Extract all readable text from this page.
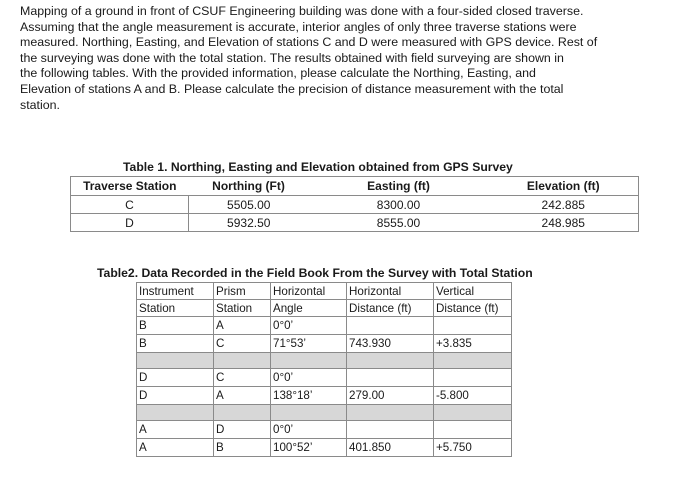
Mapping of a ground in front of CSUF Engineering building was done with a four-sided closed traverse.

Assuming that the angle measurement is accurate, interior angles of only three traverse stations were

measured. Northing, Easting, and Elevation of stations C and D were measured with GPS device. Rest of

the surveying was done with the total station. The results obtained with field surveying are shown in

the following tables. With the provided information, please calculate the Northing, Easting, and

Elevation of stations A and B. Please calculate the precision of distance measurement with the total

station.

Table 1. Northing, Easting and Elevation obtained from GPS Survey
Traverse Station	Northing (Ft)	Easting (ft)	Elevation (ft)
C	5505.00	8300.00	242.885
D	5932.50	8555.00	248.985
Table2. Data Recorded in the Field Book From the Survey with Total Station
Instrument	Prism	Horizontal	Horizontal	Vertical
Station	Station	Angle	Distance (ft)	Distance (ft)
B	A	0°0’		
B	C	71°53’	743.930	+3.835

D	C	0°0’		
D	A	138°18’	279.00	-5.800

A	D	0°0’		
A	B	100°52’	401.850	+5.750
